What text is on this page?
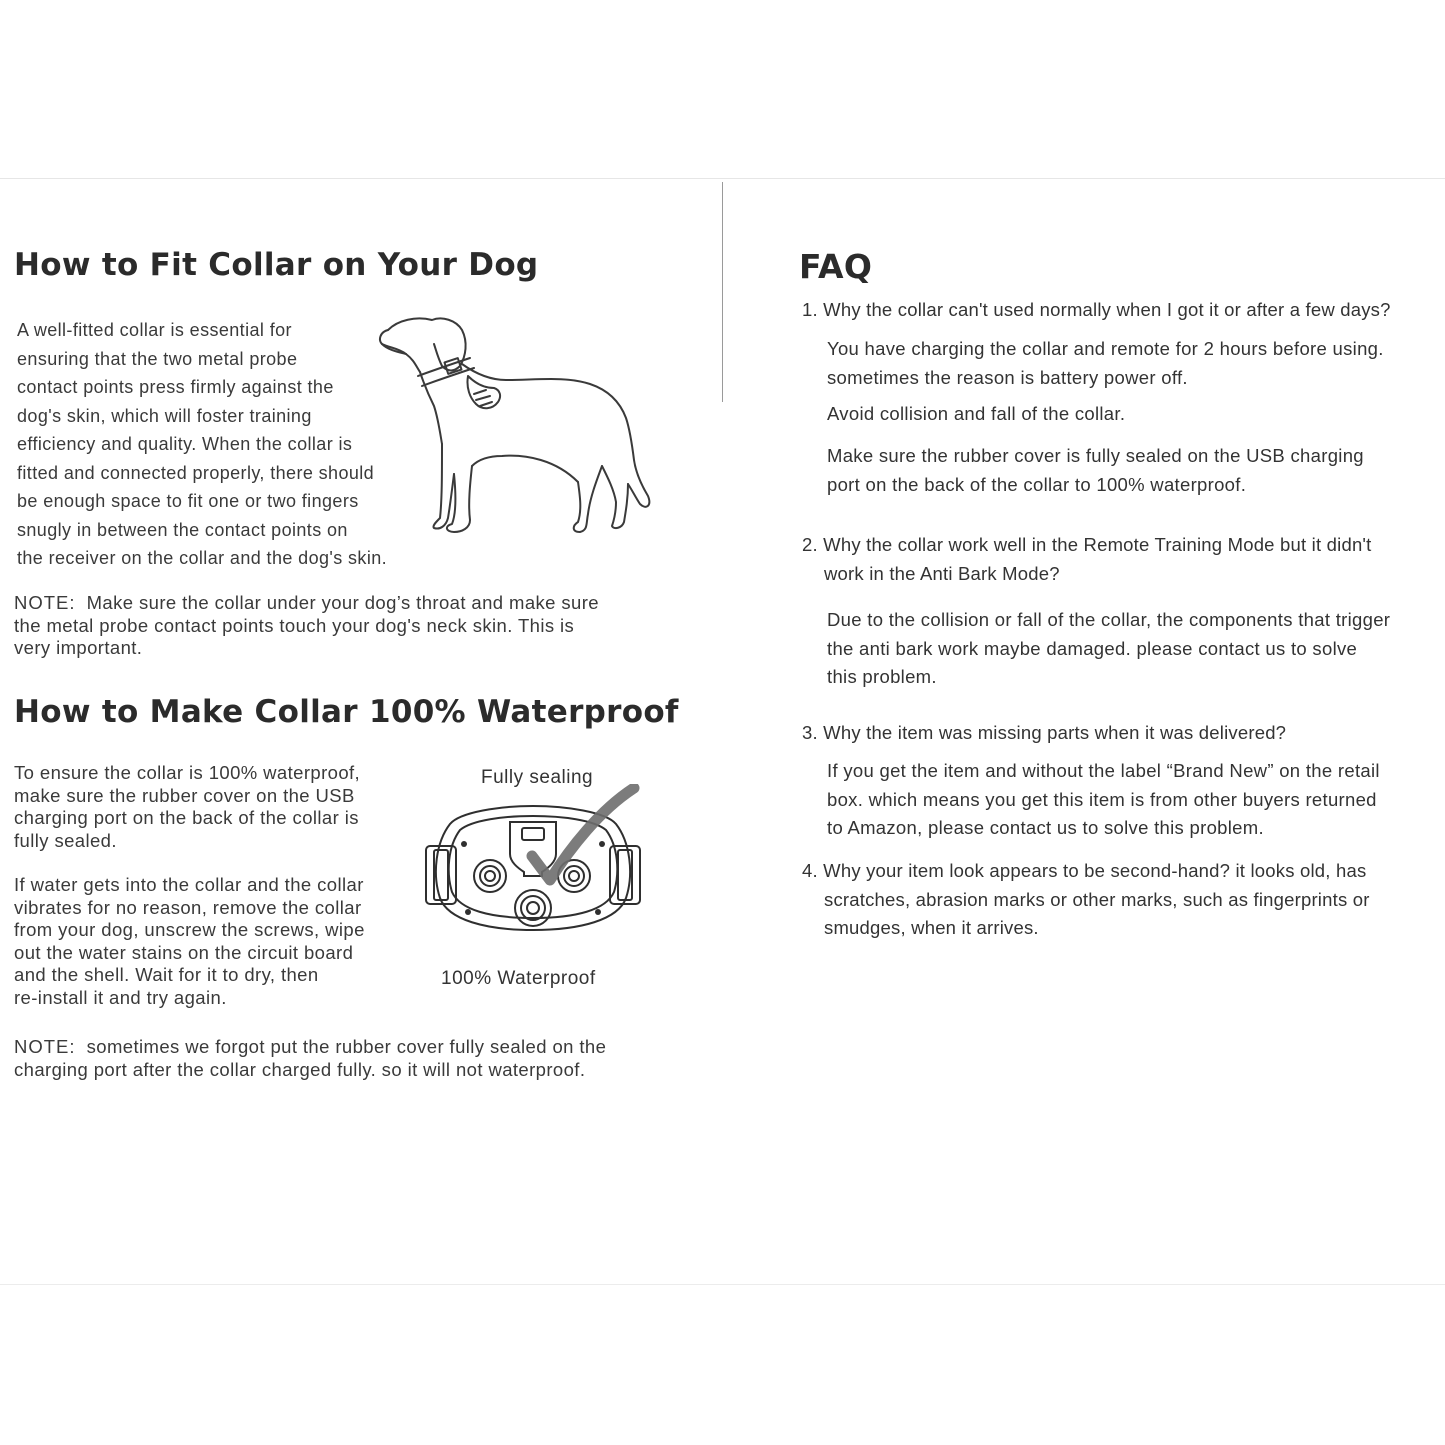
How to Fit Collar on Your Dog
A well-fitted collar is essential for
ensuring that the two metal probe
contact points press firmly against the
dog's skin, which will foster training
efficiency and quality. When the collar is
fitted and connected properly, there should
be enough space to fit one or two fingers
snugly in between the contact points on
the receiver on the collar and the dog's skin.
NOTE: Make sure the collar under your dog’s throat and make sure
the metal probe contact points touch your dog's neck skin. This is
very important.
How to Make Collar 100% Waterproof
To ensure the collar is 100% waterproof,
make sure the rubber cover on the USB
charging port on the back of the collar is
fully sealed.
If water gets into the collar and the collar
vibrates for no reason, remove the collar
from your dog, unscrew the screws, wipe
out the water stains on the circuit board
and the shell. Wait for it to dry, then
re-install it and try again.
Fully sealing
100% Waterproof
NOTE: sometimes we forgot put the rubber cover fully sealed on the
charging port after the collar charged fully. so it will not waterproof.
FAQ
1. Why the collar can't used normally when I got it or after a few days?
You have charging the collar and remote for 2 hours before using.
sometimes the reason is battery power off.
Avoid collision and fall of the collar.
Make sure the rubber cover is fully sealed on the USB charging
port on the back of the collar to 100% waterproof.
2. Why the collar work well in the Remote Training Mode but it didn't
work in the Anti Bark Mode?
Due to the collision or fall of the collar, the components that trigger
the anti bark work maybe damaged. please contact us to solve
this problem.
3. Why the item was missing parts when it was delivered?
If you get the item and without the label “Brand New” on the retail
box. which means you get this item is from other buyers returned
to Amazon, please contact us to solve this problem.
4. Why your item look appears to be second-hand? it looks old, has
scratches, abrasion marks or other marks, such as fingerprints or
smudges, when it arrives.
